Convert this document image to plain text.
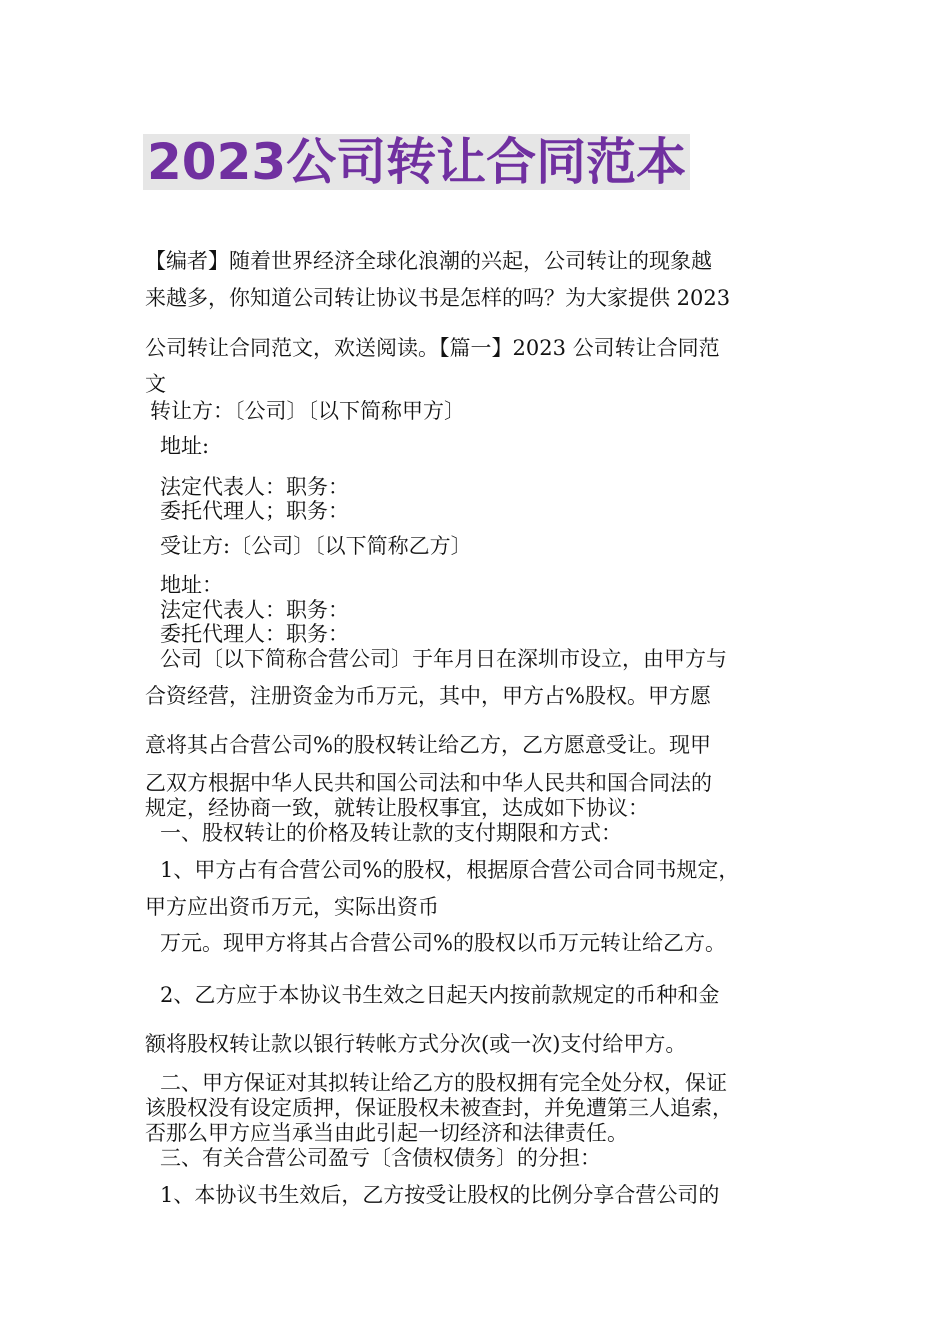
2023公司转让合同范本
【编者】随着世界经济全球化浪潮的兴起，公司转让的现象越
来越多，你知道公司转让协议书是怎样的吗？为大家提供 2023
公司转让合同范文，欢送阅读。【篇一】2023 公司转让合同范
文
转让方：〔公司〕〔以下简称甲方〕
地址:
法定代表人：职务：
委托代理人；职务：
受让方:〔公司〕〔以下简称乙方〕
地址：
法定代表人：职务：
委托代理人：职务：
公司〔以下简称合营公司〕于年月日在深圳市设立，由甲方与
合资经营，注册资金为币万元，其中，甲方占%股权。甲方愿
意将其占合营公司%的股权转让给乙方，乙方愿意受让。现甲
乙双方根据中华人民共和国公司法和中华人民共和国合同法的
规定，经协商一致，就转让股权事宜，达成如下协议：
一、股权转让的价格及转让款的支付期限和方式：
1、甲方占有合营公司%的股权，根据原合营公司合同书规定，
甲方应出资币万元，实际出资币
万元。现甲方将其占合营公司%的股权以币万元转让给乙方。
2、乙方应于本协议书生效之日起天内按前款规定的币种和金
额将股权转让款以银行转帐方式分次(或一次)支付给甲方。
二、甲方保证对其拟转让给乙方的股权拥有完全处分权，保证
该股权没有设定质押，保证股权未被查封，并免遭第三人追索，
否那么甲方应当承当由此引起一切经济和法律责任。
三、有关合营公司盈亏〔含债权债务〕的分担：
1、本协议书生效后，乙方按受让股权的比例分享合营公司的
